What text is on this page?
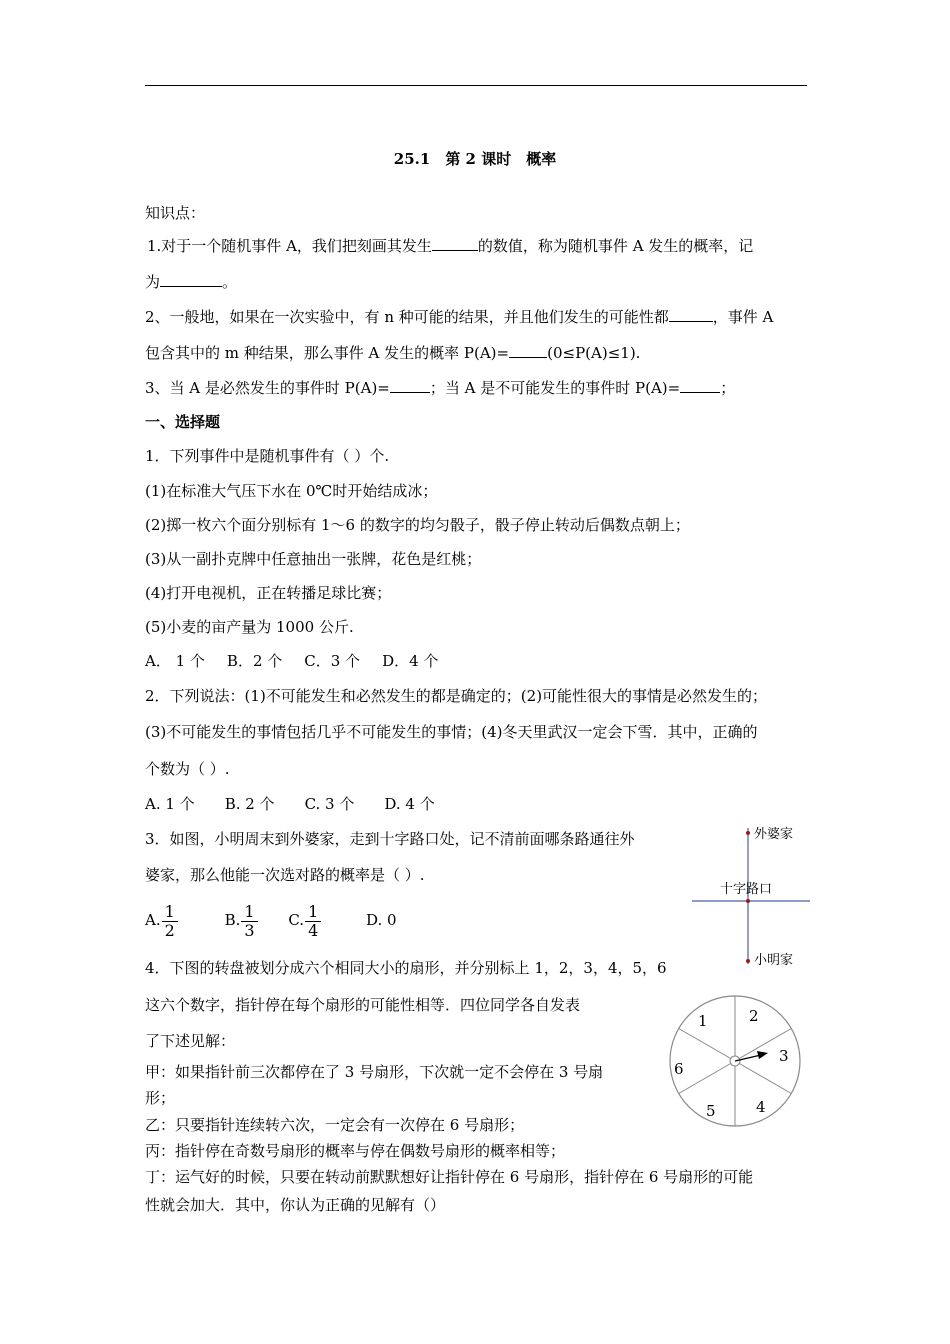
25.1　第 2 课时　概率
知识点：
1.对于一个随机事件 A，我们把刻画其发生	的数值，称为随机事件 A 发生的概率，记
为	。
2、一般地，如果在一次实验中，有 n 种可能的结果，并且他们发生的可能性都	，事件 A
包含其中的 m 种结果，那么事件 A 发生的概率 P(A)=	(0≤P(A)≤1).
3、当 A 是必然发生的事件时 P(A)=	；当 A 是不可能发生的事件时 P(A)=	；
一、选择题
1．下列事件中是随机事件有（ ）个.
(1)在标准大气压下水在 0℃时开始结成冰；
(2)掷一枚六个面分别标有 1～6 的数字的均匀骰子，骰子停止转动后偶数点朝上；
(3)从一副扑克牌中任意抽出一张牌，花色是红桃；
(4)打开电视机，正在转播足球比赛；
(5)小麦的亩产量为 1000 公斤.
A． 1 个 B．2 个 C．3 个 D．4 个
2．下列说法：(1)不可能发生和必然发生的都是确定的；(2)可能性很大的事情是必然发生的；
(3)不可能发生的事情包括几乎不可能发生的事情；(4)冬天里武汉一定会下雪．其中，正确的
个数为（ ）.
A. 1 个 B. 2 个 C. 3 个 D. 4 个
3．如图，小明周末到外婆家，走到十字路口处，记不清前面哪条路通往外
婆家，那么他能一次选对路的概率是（ ）.
A. $\frac{1}{2}$	B. $\frac{1}{3} C$. $\frac{1}{4}$	D. 0
外婆家
十字路口
小明家
4．下图的转盘被划分成六个相同大小的扇形，并分别标上 1，2，3，4，5，6
这六个数字，指针停在每个扇形的可能性相等．四位同学各自发表
了下述见解：
甲：如果指针前三次都停在了 3 号扇形，下次就一定不会停在 3 号扇
形；
乙：只要指针连续转六次，一定会有一次停在 6 号扇形；
丙：指针停在奇数号扇形的概率与停在偶数号扇形的概率相等；
丁：运气好的时候，只要在转动前默默想好让指针停在 6 号扇形，指针停在 6 号扇形的可能
性就会加大．其中，你认为正确的见解有（）
1	2
3
4
5
6
